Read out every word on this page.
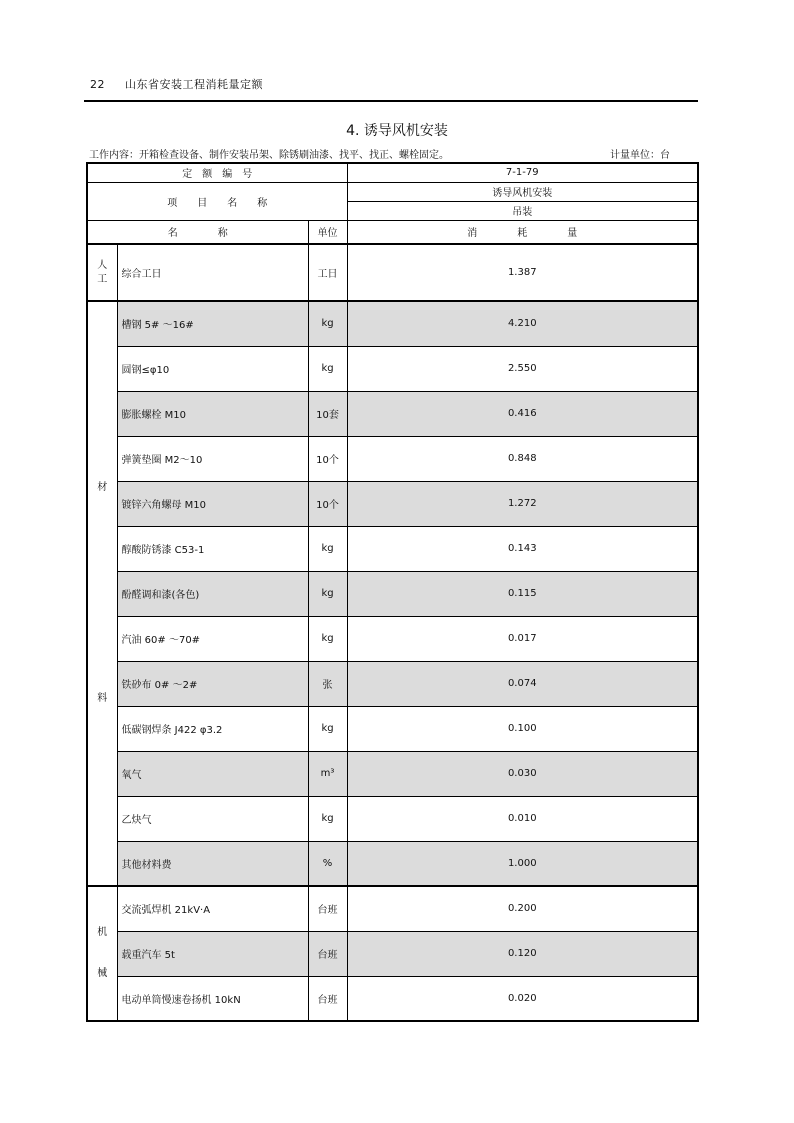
22 山东省安装工程消耗量定额
4. 诱导风机安装
工作内容：开箱检查设备、制作安装吊架、除锈刷油漆、找平、找正、螺栓固定。	计量单位：台
定　额　编　号			7-1-79
项　　目　　名　　称			诱导风机安装
			吊装
名　　　　称		单位	消　　　　耗　　　　量
人工	综合工日	工日	1.387

材
料	槽钢 5# ～16#	kg	4.210
	圆钢≤φ10	kg	2.550
	膨胀螺栓 M10	10套	0.416
	弹簧垫圈 M2～10	10个	0.848
	镀锌六角螺母 M10	10个	1.272
	醇酸防锈漆 C53-1	kg	0.143
	酚醛调和漆(各色)	kg	0.115
	汽油 60# ～70#	kg	0.017
	铁砂布 0# ～2#	张	0.074
	低碳钢焊条 J422 φ3.2	kg	0.100
	氧气	m³	0.030
	乙炔气	kg	0.010
	其他材料费	%	1.000

机
械	交流弧焊机 21kV·A	台班	0.200
	载重汽车 5t	台班	0.120
	电动单筒慢速卷扬机 10kN	台班	0.020
